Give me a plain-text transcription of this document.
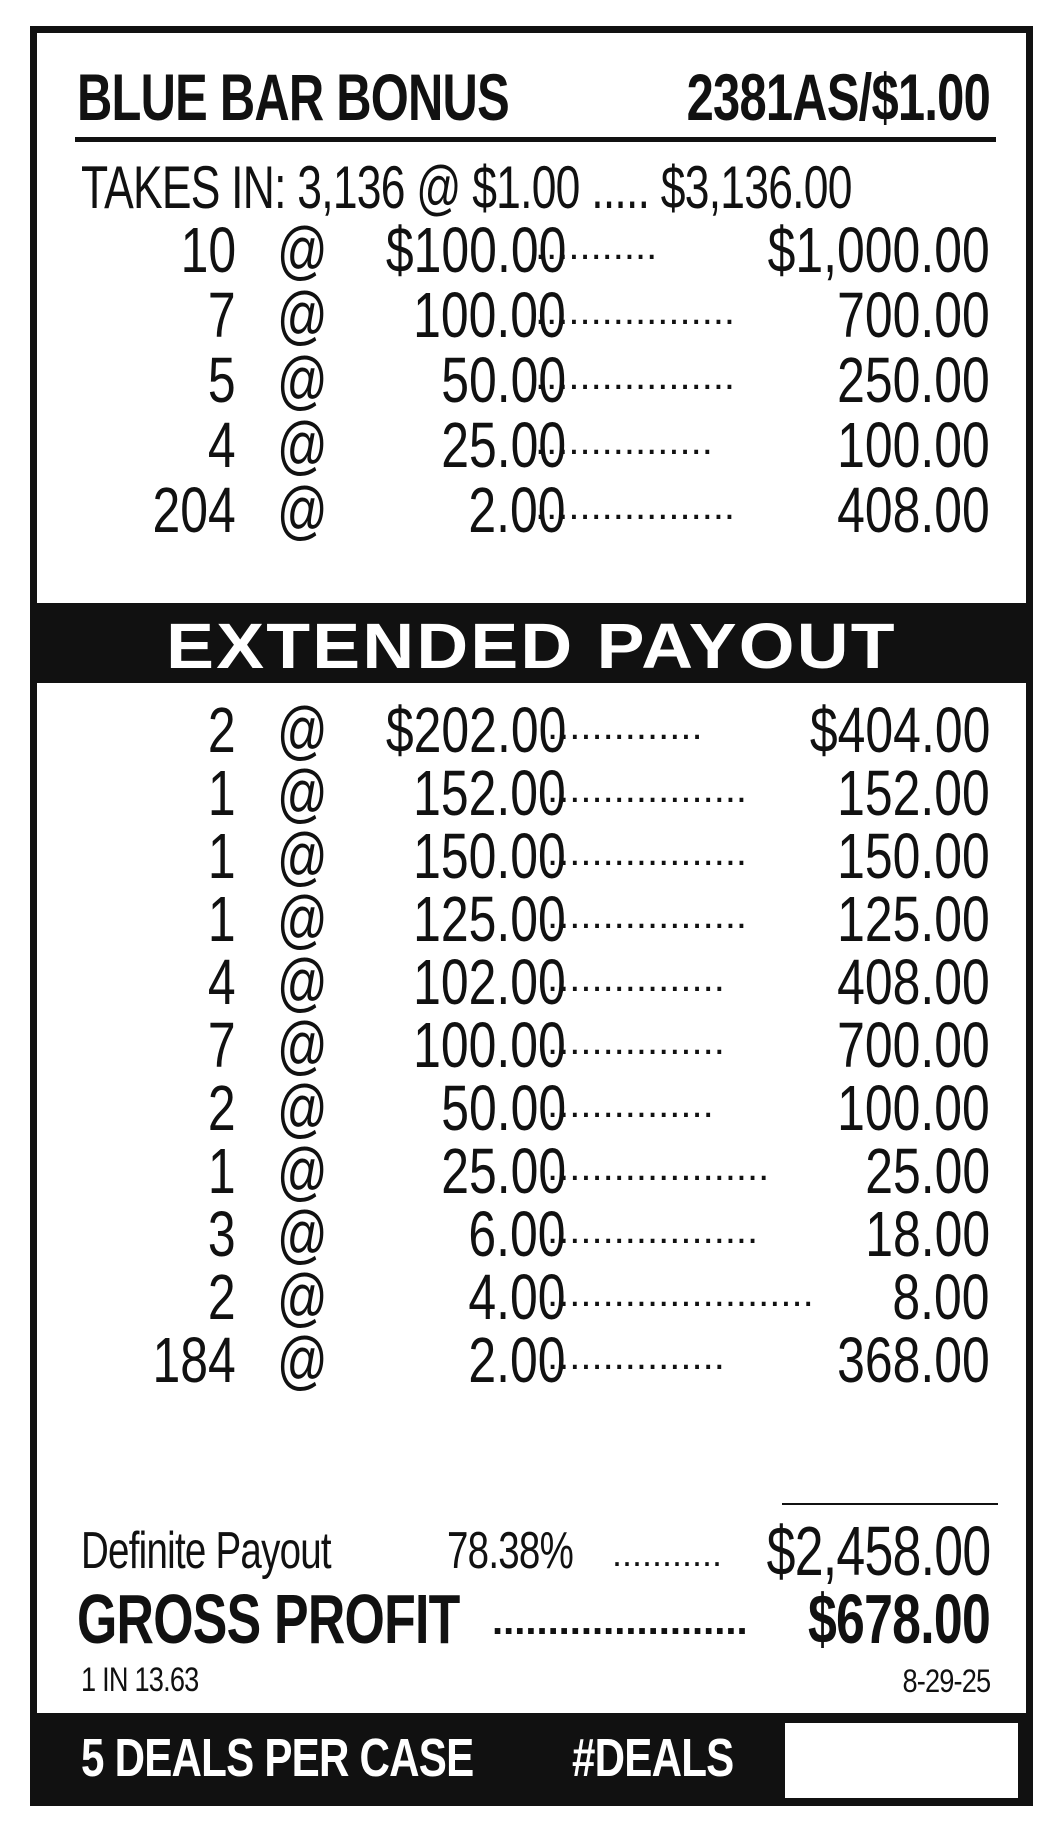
BLUE BAR BONUS	2381AS/$1.00
TAKES IN: 3,136 @ $1.00 ..... $3,136.00
10 @ $100.00
........... $1,000.00
7 @ 100.00
.................. 700.00
5 @ 50.00
.................. 250.00
4 @ 25.00
................ 100.00
204 @ 2.00
.................. 408.00
EXTENDED PAYOUT
2 @ $202.00
.............. $404.00
1 @ 152.00
.................. 152.00
1 @ 150.00
.................. 150.00
1 @ 125.00
.................. 125.00
4 @ 102.00
................ 408.00
7 @ 100.00
................ 700.00
2 @ 50.00
............... 100.00
1 @ 25.00
.................... 25.00
3 @ 6.00
................... 18.00
2 @ 4.00
........................ 8.00
184 @ 2.00
................ 368.00
Definite Payout 78.38% ........... $2,458.00
GROSS PROFIT ....................... $678.00
1 IN 13.63	8-29-25
5 DEALS PER CASE #DEALS
